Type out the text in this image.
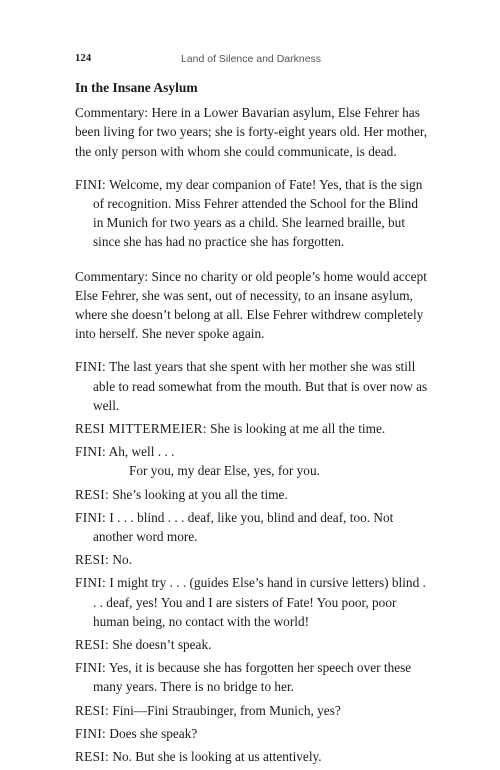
124	Land of Silence and Darkness
In the Insane Asylum

Commentary: Here in a Lower Bavarian asylum, Else Fehrer has been living for two years; she is forty-eight years old. Her mother, the only person with whom she could communicate, is dead.

FINI: Welcome, my dear companion of Fate! Yes, that is the sign of recognition. Miss Fehrer attended the School for the Blind in Munich for two years as a child. She learned braille, but since she has had no practice she has forgotten.

Commentary: Since no charity or old people’s home would accept Else Fehrer, she was sent, out of necessity, to an insane asylum, where she doesn’t belong at all. Else Fehrer withdrew completely into herself. She never spoke again.

FINI: The last years that she spent with her mother she was still able to read somewhat from the mouth. But that is over now as well.

RESI MITTERMEIER: She is looking at me all the time.

FINI: Ah, well . . .
For you, my dear Else, yes, for you.

RESI: She’s looking at you all the time.

FINI: I . . . blind . . . deaf, like you, blind and deaf, too. Not another word more.

RESI: No.

FINI: I might try . . . (guides Else’s hand in cursive letters) blind . . . deaf, yes! You and I are sisters of Fate! You poor, poor human being, no contact with the world!

RESI: She doesn’t speak.

FINI: Yes, it is because she has forgotten her speech over these many years. There is no bridge to her.

RESI: Fini—Fini Straubinger, from Munich, yes?

FINI: Does she speak?

RESI: No. But she is looking at us attentively.
